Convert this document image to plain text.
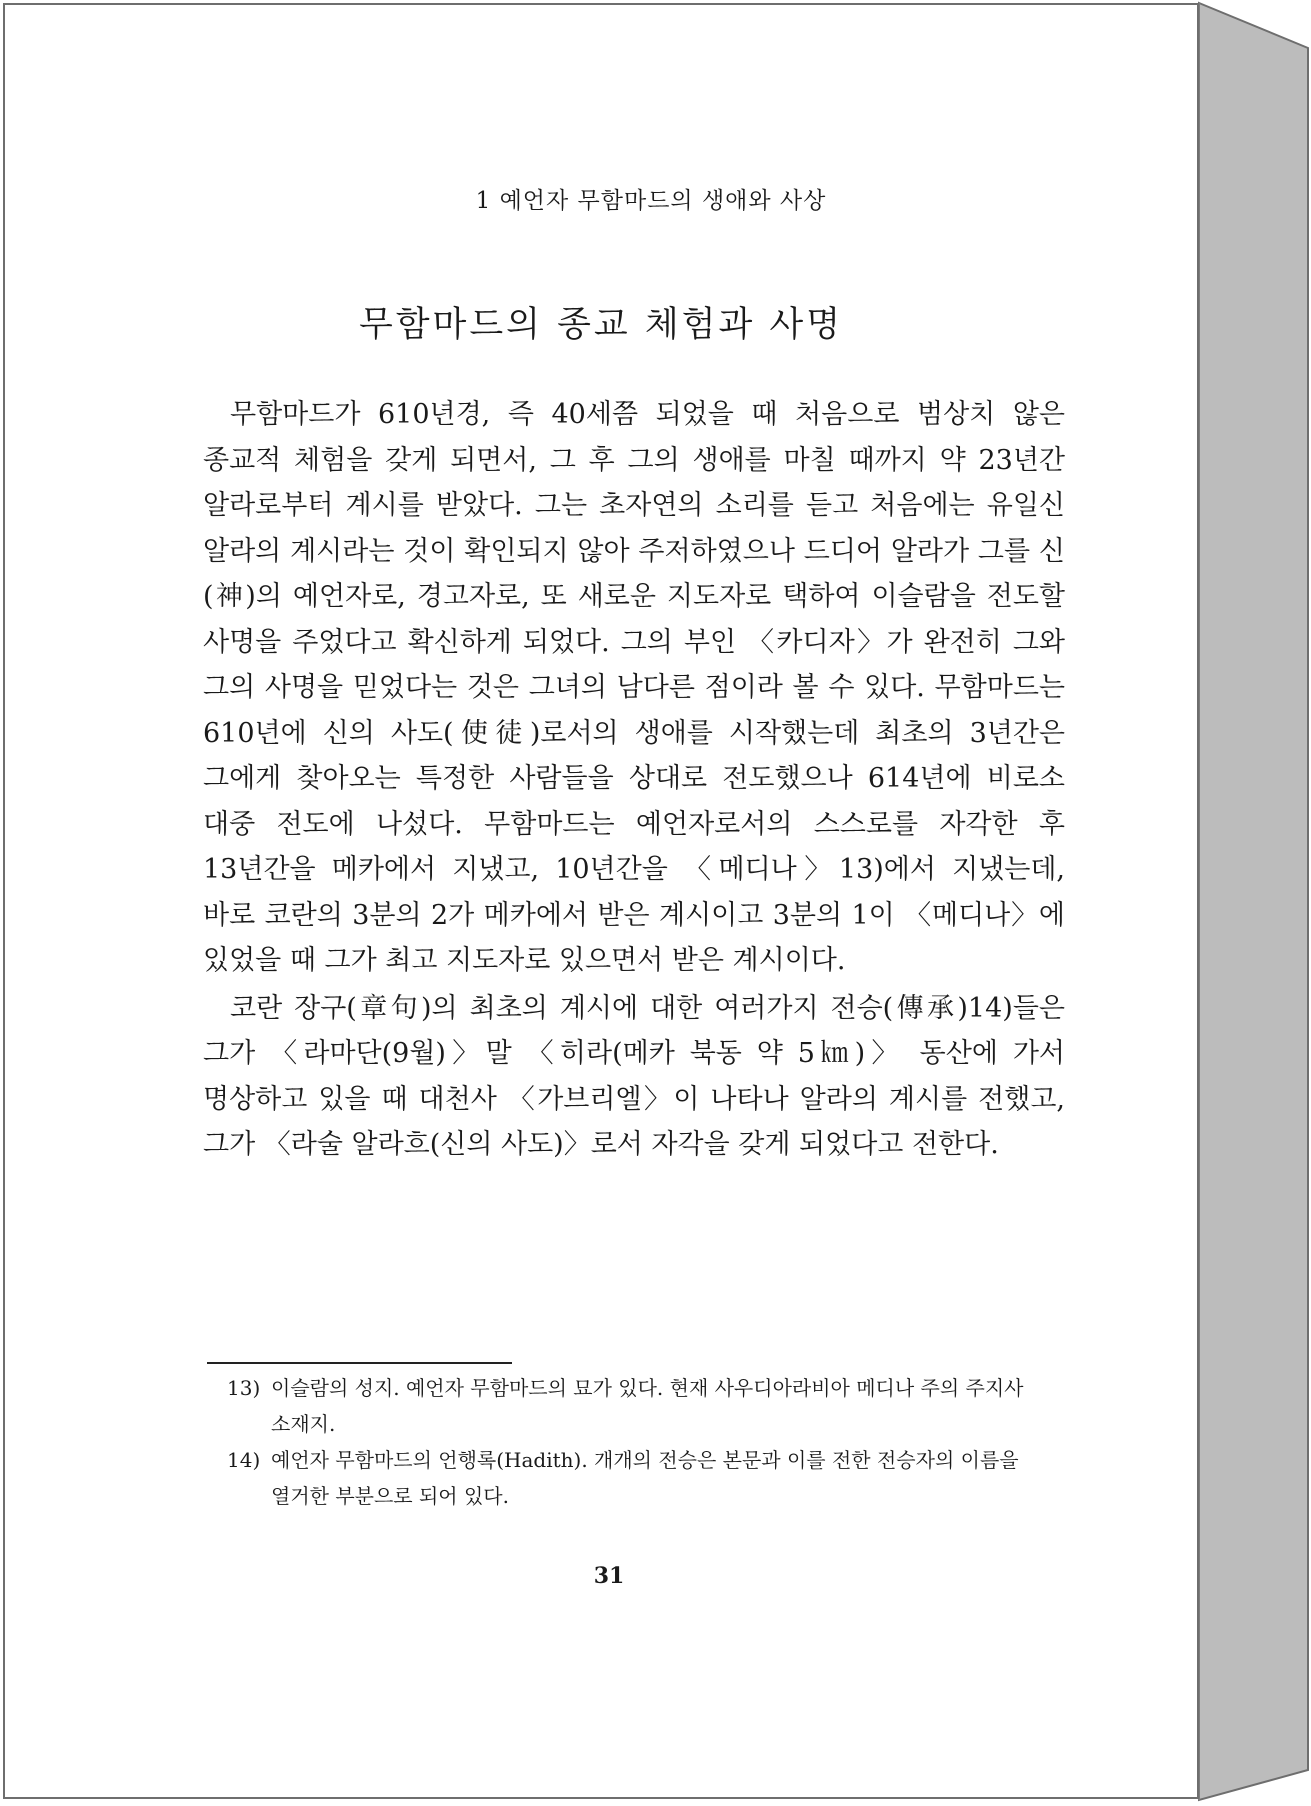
1 예언자 무함마드의 생애와 사상
무함마드의 종교 체험과 사명

무함마드가 610년경, 즉 40세쯤 되었을 때 처음으로 범상치 않은 종교적 체험을 갖게 되면서, 그 후 그의 생애를 마칠 때까지 약 23년간 알라로부터 계시를 받았다. 그는 초자연의 소리를 듣고 처음에는 유일신 알라의 계시라는 것이 확인되지 않아 주저하였으나 드디어 알라가 그를 신(神)의 예언자로, 경고자로, 또 새로운 지도자로 택하여 이슬람을 전도할 사명을 주었다고 확신하게 되었다. 그의 부인 〈카디자〉가 완전히 그와 그의 사명을 믿었다는 것은 그녀의 남다른 점이라 볼 수 있다. 무함마드는 610년에 신의 사도(使徒)로서의 생애를 시작했는데 최초의 3년간은 그에게 찾아오는 특정한 사람들을 상대로 전도했으나 614년에 비로소 대중 전도에 나섰다. 무함마드는 예언자로서의 스스로를 자각한 후 13년간을 메카에서 지냈고, 10년간을 〈메디나〉13)에서 지냈는데, 바로 코란의 3분의 2가 메카에서 받은 계시이고 3분의 1이 〈메디나〉에 있었을 때 그가 최고 지도자로 있으면서 받은 계시이다.

코란 장구(章句)의 최초의 계시에 대한 여러가지 전승(傳承)14)들은 그가 〈라마단(9월)〉말 〈히라(메카 북동 약 5㎞)〉 동산에 가서 명상하고 있을 때 대천사 〈가브리엘〉이 나타나 알라의 계시를 전했고, 그가 〈라술 알라흐(신의 사도)〉로서 자각을 갖게 되었다고 전한다.

13) 이슬람의 성지. 예언자 무함마드의 묘가 있다. 현재 사우디아라비아 메디나 주의 주지사 소재지.

14) 예언자 무함마드의 언행록(Hadith). 개개의 전승은 본문과 이를 전한 전승자의 이름을 열거한 부분으로 되어 있다.

31
